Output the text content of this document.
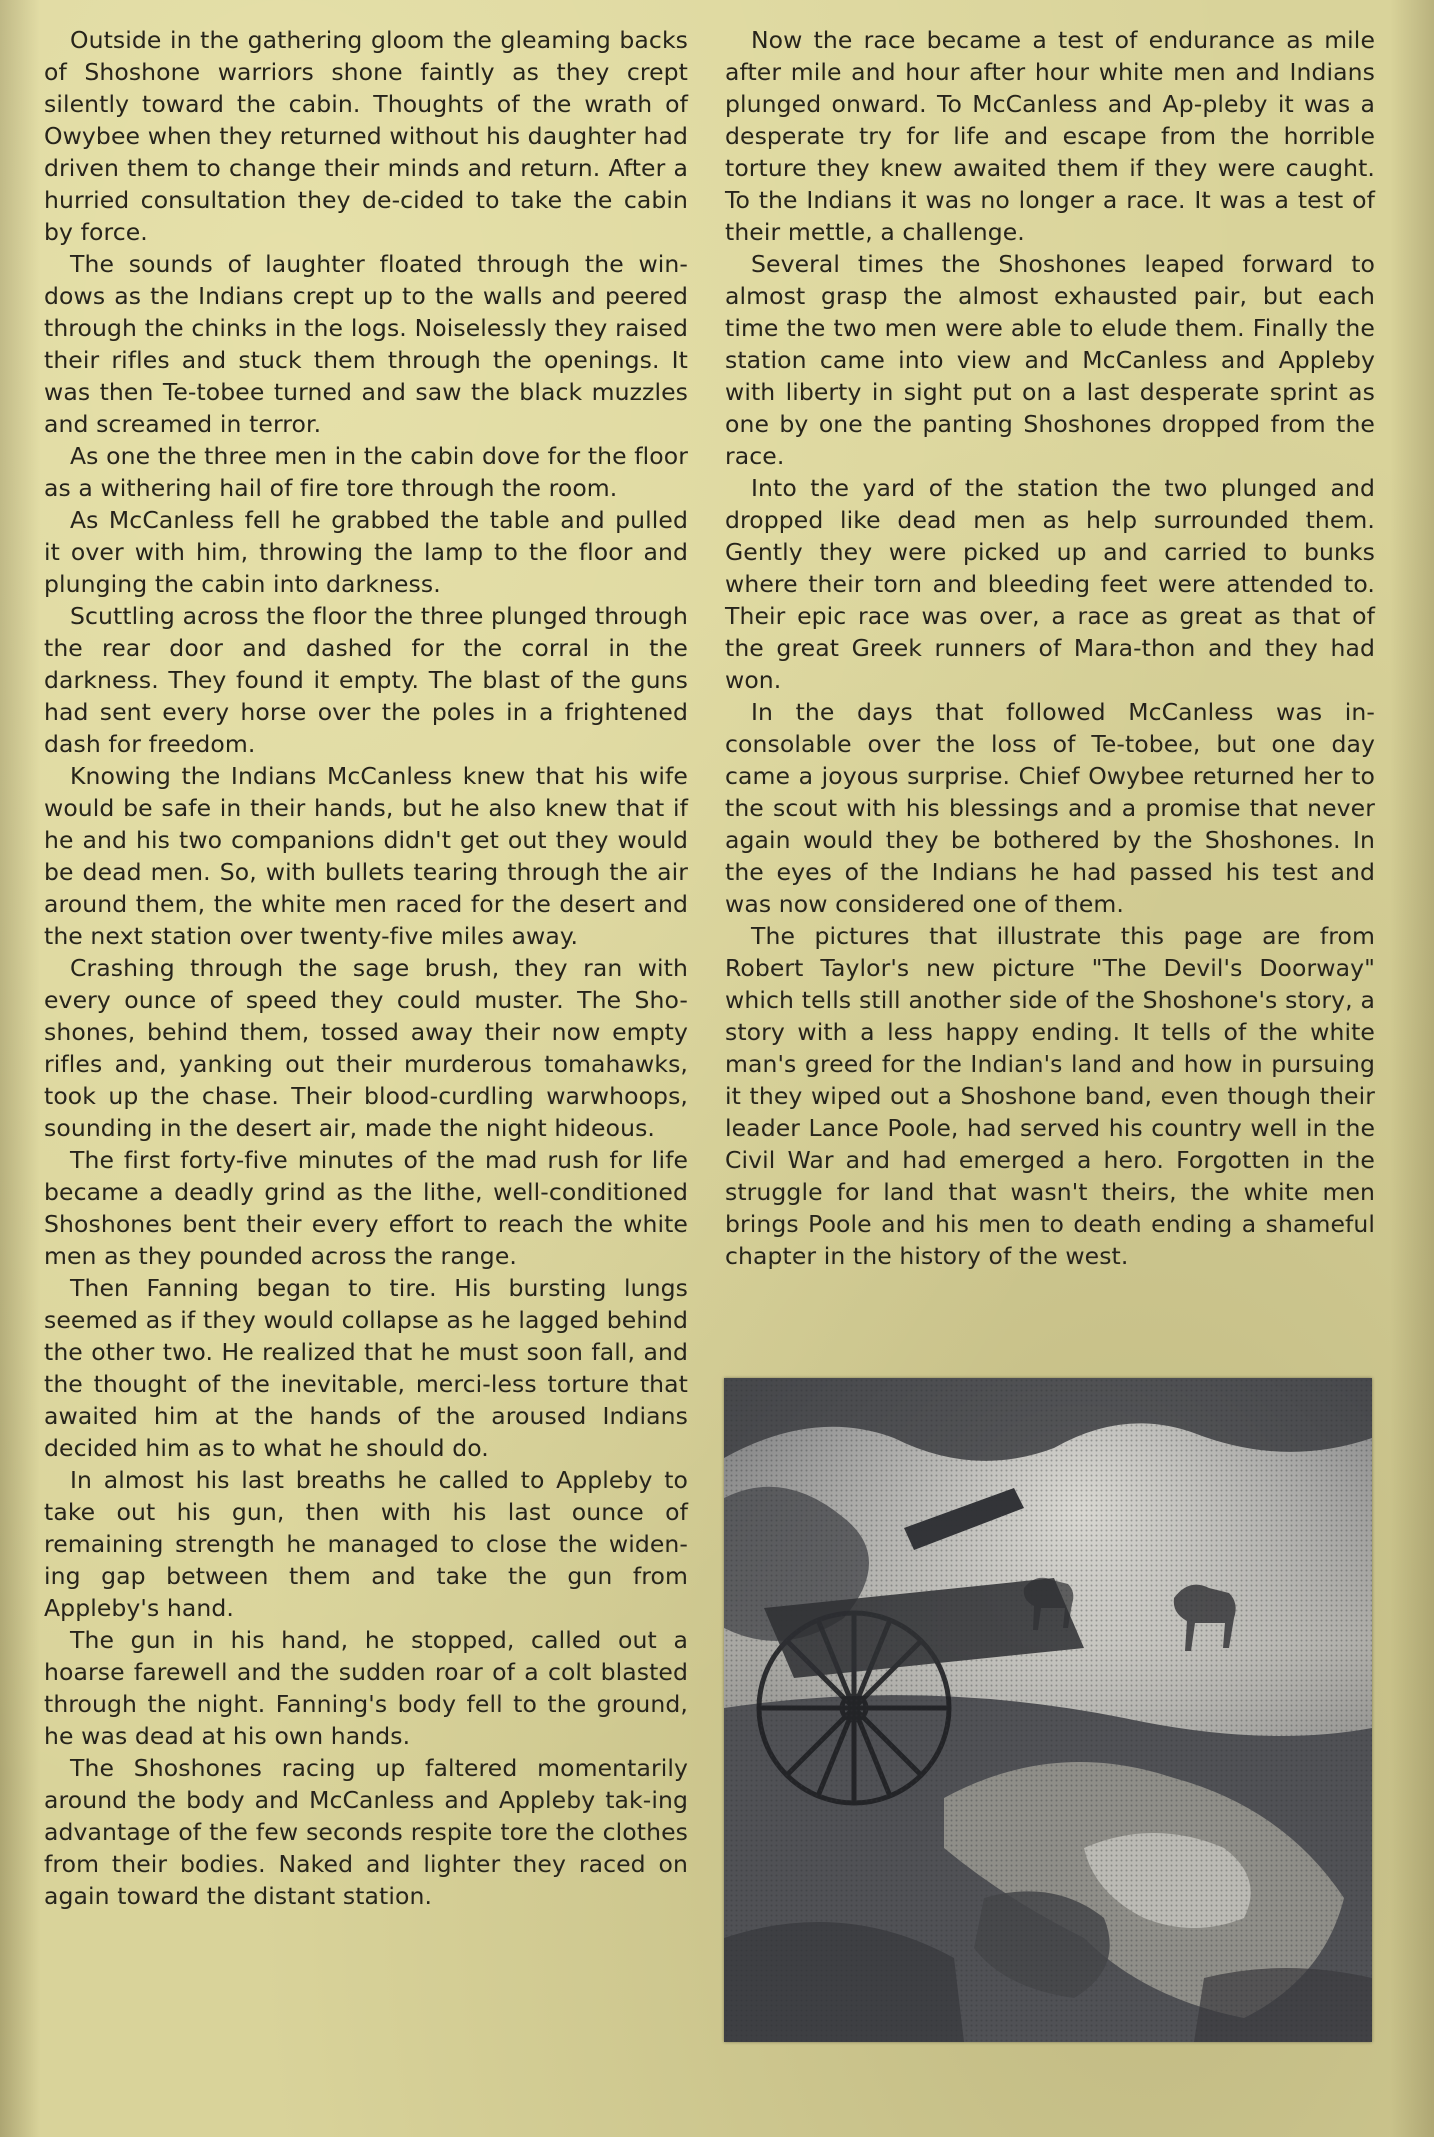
Outside in the gathering gloom the gleaming backs of Shoshone warriors shone faintly as they crept silently toward the cabin. Thoughts of the wrath of Owybee when they returned without his daughter had driven them to change their minds and return. After a hurried consultation they de-cided to take the cabin by force.

The sounds of laughter floated through the win-dows as the Indians crept up to the walls and peered through the chinks in the logs. Noiselessly they raised their rifles and stuck them through the openings. It was then Te-tobee turned and saw the black muzzles and screamed in terror.

As one the three men in the cabin dove for the floor as a withering hail of fire tore through the room.

As McCanless fell he grabbed the table and pulled it over with him, throwing the lamp to the floor and plunging the cabin into darkness.

Scuttling across the floor the three plunged through the rear door and dashed for the corral in the darkness. They found it empty. The blast of the guns had sent every horse over the poles in a frightened dash for freedom.

Knowing the Indians McCanless knew that his wife would be safe in their hands, but he also knew that if he and his two companions didn't get out they would be dead men. So, with bullets tearing through the air around them, the white men raced for the desert and the next station over twenty-five miles away.

Crashing through the sage brush, they ran with every ounce of speed they could muster. The Sho-shones, behind them, tossed away their now empty rifles and, yanking out their murderous tomahawks, took up the chase. Their blood-curdling warwhoops, sounding in the desert air, made the night hideous.

The first forty-five minutes of the mad rush for life became a deadly grind as the lithe, well-conditioned Shoshones bent their every effort to reach the white men as they pounded across the range.

Then Fanning began to tire. His bursting lungs seemed as if they would collapse as he lagged behind the other two. He realized that he must soon fall, and the thought of the inevitable, merci-less torture that awaited him at the hands of the aroused Indians decided him as to what he should do.

In almost his last breaths he called to Appleby to take out his gun, then with his last ounce of remaining strength he managed to close the widen-ing gap between them and take the gun from Appleby's hand.

The gun in his hand, he stopped, called out a hoarse farewell and the sudden roar of a colt blasted through the night. Fanning's body fell to the ground, he was dead at his own hands.

The Shoshones racing up faltered momentarily around the body and McCanless and Appleby tak-ing advantage of the few seconds respite tore the clothes from their bodies. Naked and lighter they raced on again toward the distant station.

Now the race became a test of endurance as mile after mile and hour after hour white men and Indians plunged onward. To McCanless and Ap-pleby it was a desperate try for life and escape from the horrible torture they knew awaited them if they were caught. To the Indians it was no longer a race. It was a test of their mettle, a challenge.

Several times the Shoshones leaped forward to almost grasp the almost exhausted pair, but each time the two men were able to elude them. Finally the station came into view and McCanless and Appleby with liberty in sight put on a last desperate sprint as one by one the panting Shoshones dropped from the race.

Into the yard of the station the two plunged and dropped like dead men as help surrounded them. Gently they were picked up and carried to bunks where their torn and bleeding feet were attended to. Their epic race was over, a race as great as that of the great Greek runners of Mara-thon and they had won.

In the days that followed McCanless was in-consolable over the loss of Te-tobee, but one day came a joyous surprise. Chief Owybee returned her to the scout with his blessings and a promise that never again would they be bothered by the Shoshones. In the eyes of the Indians he had passed his test and was now considered one of them.

The pictures that illustrate this page are from Robert Taylor's new picture "The Devil's Doorway" which tells still another side of the Shoshone's story, a story with a less happy ending. It tells of the white man's greed for the Indian's land and how in pursuing it they wiped out a Shoshone band, even though their leader Lance Poole, had served his country well in the Civil War and had emerged a hero. Forgotten in the struggle for land that wasn't theirs, the white men brings Poole and his men to death ending a shameful chapter in the history of the west.
